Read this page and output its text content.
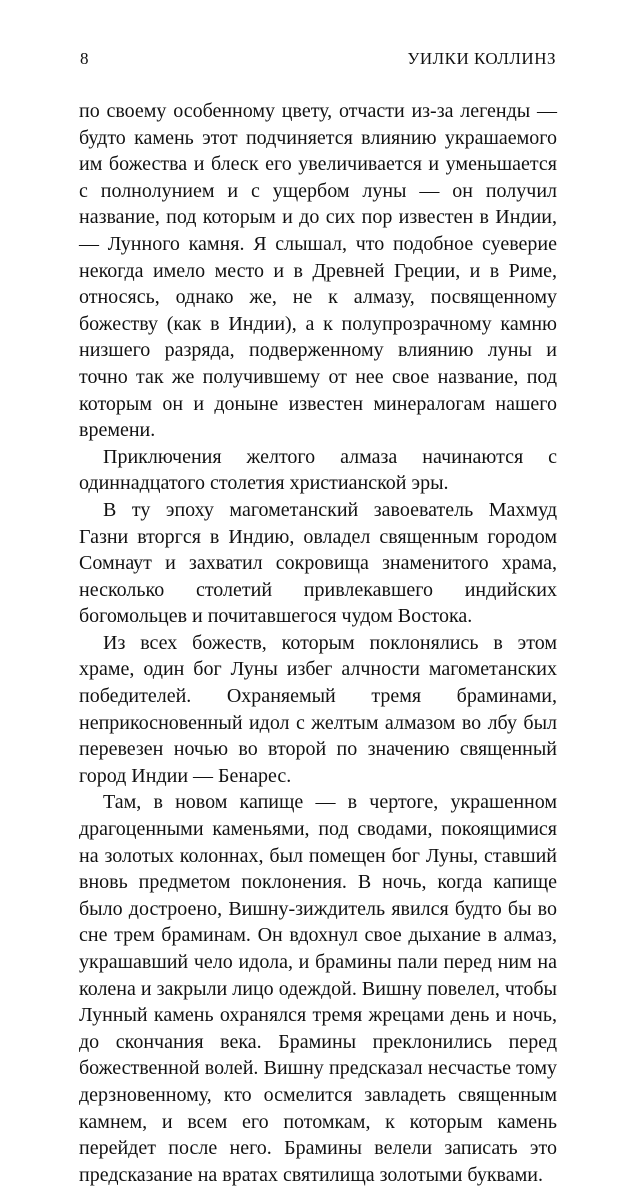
8	УИЛКИ КОЛЛИНЗ

по своему особенному цвету, отчасти из-за легенды — будто камень этот подчиняется влиянию украшаемого им божества и блеск его увеличивается и уменьшается с полнолунием и с ущербом луны — он получил название, под которым и до сих пор известен в Индии, — Лунного камня. Я слышал, что подобное суеверие некогда имело место и в Древней Греции, и в Риме, относясь, однако же, не к алмазу, посвященному божеству (как в Индии), а к полупрозрачному камню низшего разряда, подверженному влиянию луны и точно так же получившему от нее свое название, под которым он и доныне известен минералогам нашего времени.

Приключения желтого алмаза начинаются с одиннадцатого столетия христианской эры.

В ту эпоху магометанский завоеватель Махмуд Газни вторгся в Индию, овладел священным городом Сомнаут и захватил сокровища знаменитого храма, несколько столетий привлекавшего индийских богомольцев и почитавшегося чудом Востока.

Из всех божеств, которым поклонялись в этом храме, один бог Луны избег алчности магометанских победителей. Охраняемый тремя браминами, неприкосновенный идол с желтым алмазом во лбу был перевезен ночью во второй по значению священный город Индии — Бенарес.

Там, в новом капище — в чертоге, украшенном драгоценными каменьями, под сводами, покоящимися на золотых колоннах, был помещен бог Луны, ставший вновь предметом поклонения. В ночь, когда капище было достроено, Вишну-зиждитель явился будто бы во сне трем браминам. Он вдохнул свое дыхание в алмаз, украшавший чело идола, и брамины пали перед ним на колена и закрыли лицо одеждой. Вишну повелел, чтобы Лунный камень охранялся тремя жрецами день и ночь, до скончания века. Брамины преклонились перед божественной волей. Вишну предсказал несчастье тому дерзновенному, кто осмелится завладеть священным камнем, и всем его потомкам, к которым камень перейдет после него. Брамины велели записать это предсказание на вратах святилища золотыми буквами.
